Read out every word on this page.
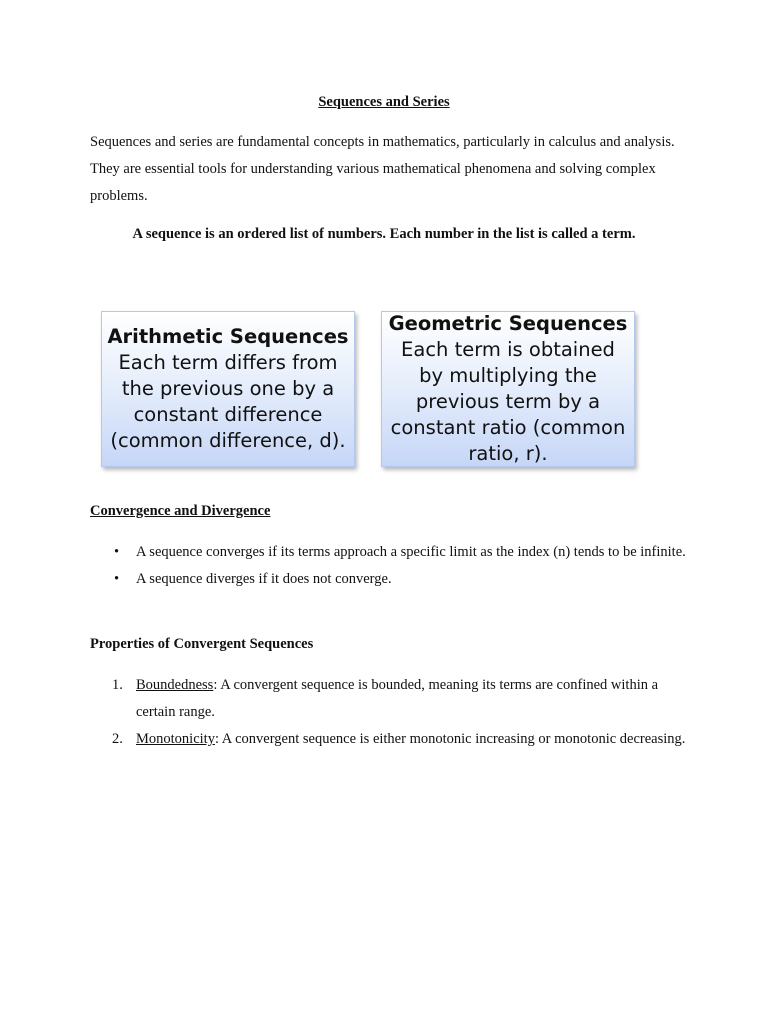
Sequences and Series

Sequences and series are fundamental concepts in mathematics, particularly in calculus and analysis. They are essential tools for understanding various mathematical phenomena and solving complex problems.

A sequence is an ordered list of numbers. Each number in the list is called a term.
Arithmetic Sequences
Each term differs from the previous one by a constant difference (common difference, d).
Geometric Sequences
Each term is obtained by multiplying the previous term by a constant ratio (common ratio, r).
Convergence and Divergence
• A sequence converges if its terms approach a specific limit as the index (n) tends to be infinite.
• A sequence diverges if it does not converge.
Properties of Convergent Sequences
1. Boundedness: A convergent sequence is bounded, meaning its terms are confined within a certain range.
2. Monotonicity: A convergent sequence is either monotonic increasing or monotonic decreasing.
